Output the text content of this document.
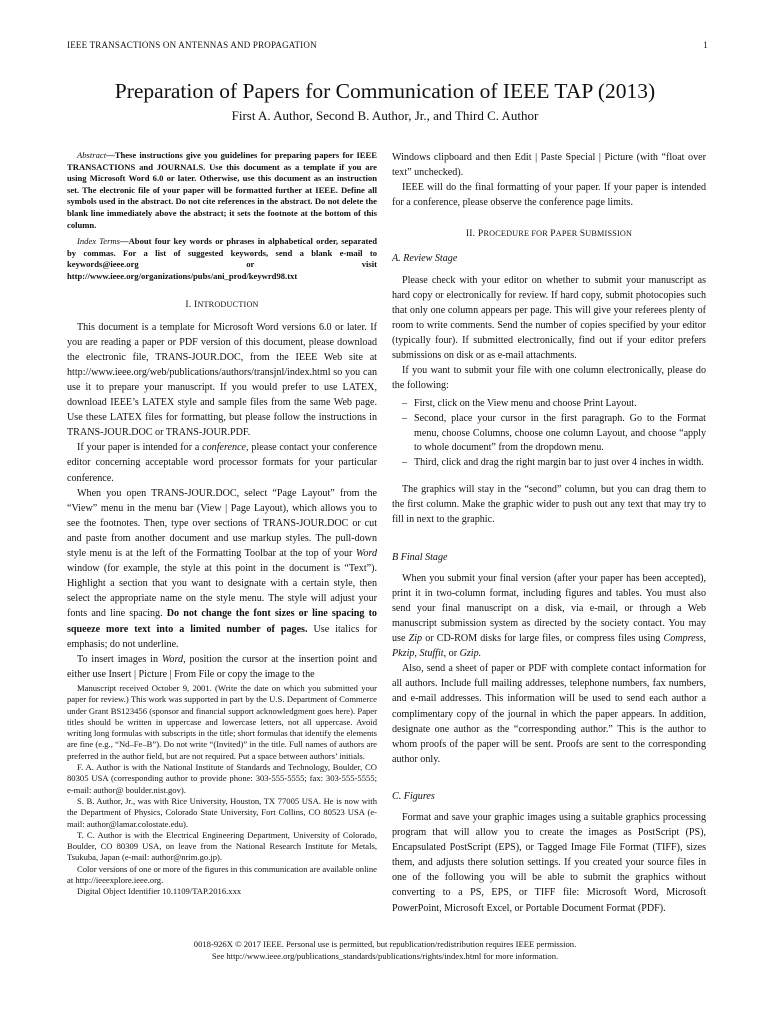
IEEE TRANSACTIONS ON ANTENNAS AND PROPAGATION	1
Preparation of Papers for Communication of IEEE TAP (2013)
First A. Author, Second B. Author, Jr., and Third C. Author

Abstract—These instructions give you guidelines for preparing papers for IEEE TRANSACTIONS and JOURNALS. Use this document as a template if you are using Microsoft Word 6.0 or later. Otherwise, use this document as an instruction set. The electronic file of your paper will be formatted further at IEEE. Define all symbols used in the abstract. Do not cite references in the abstract. Do not delete the blank line immediately above the abstract; it sets the footnote at the bottom of this column.

Index Terms—About four key words or phrases in alphabetical order, separated by commas. For a list of suggested keywords, send a blank e-mail to keywords@ieee.org or visit http://www.ieee.org/organizations/pubs/ani_prod/keywrd98.txt

I. INTRODUCTION

This document is a template for Microsoft Word versions 6.0 or later. If you are reading a paper or PDF version of this document, please download the electronic file, TRANS-JOUR.DOC, from the IEEE Web site at http://www.ieee.org/web/publications/authors/transjnl/index.html so you can use it to prepare your manuscript. If you would prefer to use LATEX, download IEEE’s LATEX style and sample files from the same Web page. Use these LATEX files for formatting, but please follow the instructions in TRANS-JOUR.DOC or TRANS-JOUR.PDF.

If your paper is intended for a conference, please contact your conference editor concerning acceptable word processor formats for your particular conference.

When you open TRANS-JOUR.DOC, select “Page Layout” from the “View” menu in the menu bar (View | Page Layout), which allows you to see the footnotes. Then, type over sections of TRANS-JOUR.DOC or cut and paste from another document and use markup styles. The pull-down style menu is at the left of the Formatting Toolbar at the top of your Word window (for example, the style at this point in the document is “Text”). Highlight a section that you want to designate with a certain style, then select the appropriate name on the style menu. The style will adjust your fonts and line spacing. Do not change the font sizes or line spacing to squeeze more text into a limited number of pages. Use italics for emphasis; do not underline.

To insert images in Word, position the cursor at the insertion point and either use Insert | Picture | From File or copy the image to the

Manuscript received October 9, 2001. (Write the date on which you submitted your paper for review.) This work was supported in part by the U.S. Department of Commerce under Grant BS123456 (sponsor and financial support acknowledgment goes here). Paper titles should be written in uppercase and lowercase letters, not all uppercase. Avoid writing long formulas with subscripts in the title; short formulas that identify the elements are fine (e.g., “Nd–Fe–B”). Do not write “(Invited)” in the title. Full names of authors are preferred in the author field, but are not required. Put a space between authors’ initials.

F. A. Author is with the National Institute of Standards and Technology, Boulder, CO 80305 USA (corresponding author to provide phone: 303-555-5555; fax: 303-555-5555; e-mail: author@ boulder.nist.gov).

S. B. Author, Jr., was with Rice University, Houston, TX 77005 USA. He is now with the Department of Physics, Colorado State University, Fort Collins, CO 80523 USA (e-mail: author@lamar.colostate.edu).

T. C. Author is with the Electrical Engineering Department, University of Colorado, Boulder, CO 80309 USA, on leave from the National Research Institute for Metals, Tsukuba, Japan (e-mail: author@nrim.go.jp).

Color versions of one or more of the figures in this communication are available online at http://ieeexplore.ieee.org.

Digital Object Identifier 10.1109/TAP.2016.xxx

Windows clipboard and then Edit | Paste Special | Picture (with “float over text” unchecked).

IEEE will do the final formatting of your paper. If your paper is intended for a conference, please observe the conference page limits.

II. PROCEDURE FOR PAPER SUBMISSION
A. Review Stage

Please check with your editor on whether to submit your manuscript as hard copy or electronically for review. If hard copy, submit photocopies such that only one column appears per page. This will give your referees plenty of room to write comments. Send the number of copies specified by your editor (typically four). If submitted electronically, find out if your editor prefers submissions on disk or as e-mail attachments.

If you want to submit your file with one column electronically, please do the following:

– First, click on the View menu and choose Print Layout.
– Second, place your cursor in the first paragraph. Go to the Format menu, choose Columns, choose one column Layout, and choose “apply to whole document” from the dropdown menu.
– Third, click and drag the right margin bar to just over 4 inches in width.

The graphics will stay in the “second” column, but you can drag them to the first column. Make the graphic wider to push out any text that may try to fill in next to the graphic.

B Final Stage

When you submit your final version (after your paper has been accepted), print it in two-column format, including figures and tables. You must also send your final manuscript on a disk, via e-mail, or through a Web manuscript submission system as directed by the society contact. You may use Zip or CD-ROM disks for large files, or compress files using Compress, Pkzip, Stuffit, or Gzip.

Also, send a sheet of paper or PDF with complete contact information for all authors. Include full mailing addresses, telephone numbers, fax numbers, and e-mail addresses. This information will be used to send each author a complimentary copy of the journal in which the paper appears. In addition, designate one author as the “corresponding author.” This is the author to whom proofs of the paper will be sent. Proofs are sent to the corresponding author only.

C. Figures

Format and save your graphic images using a suitable graphics processing program that will allow you to create the images as PostScript (PS), Encapsulated PostScript (EPS), or Tagged Image File Format (TIFF), sizes them, and adjusts there solution settings. If you created your source files in one of the following you will be able to submit the graphics without converting to a PS, EPS, or TIFF file: Microsoft Word, Microsoft PowerPoint, Microsoft Excel, or Portable Document Format (PDF).

0018-926X © 2017 IEEE. Personal use is permitted, but republication/redistribution requires IEEE permission.
See http://www.ieee.org/publications_standards/publications/rights/index.html for more information.
